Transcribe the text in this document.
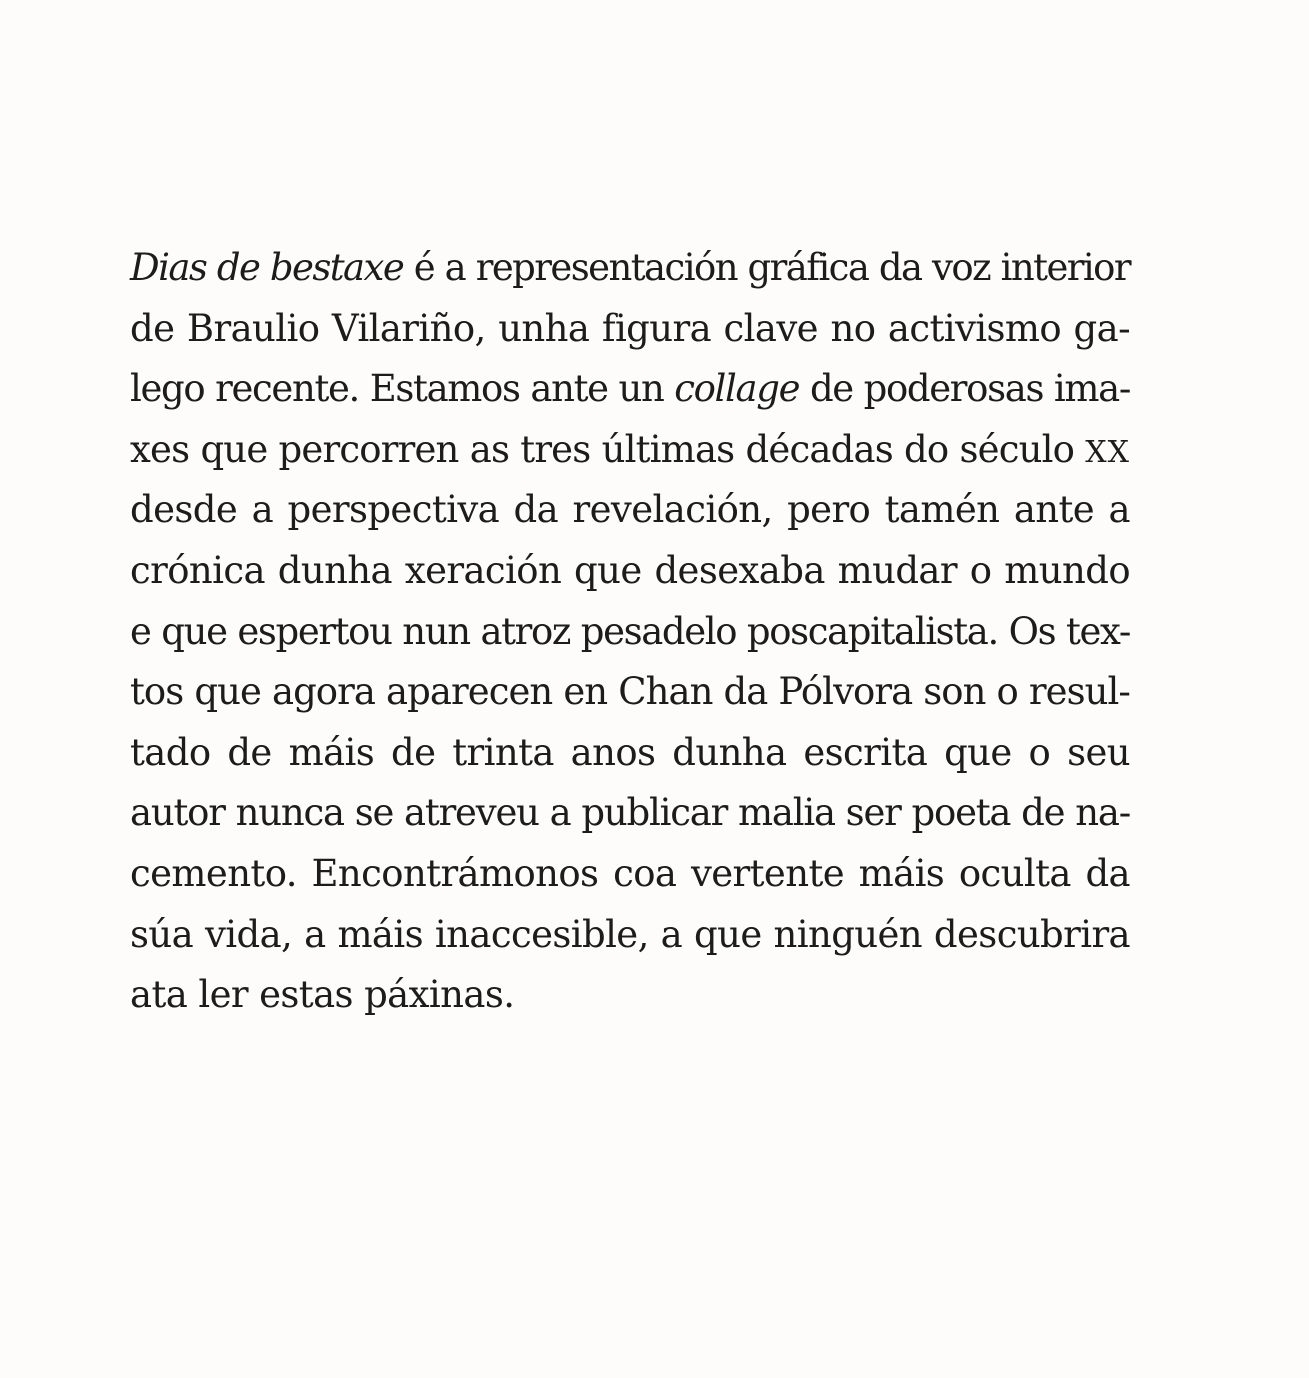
Dias de bestaxe é a representación gráfica da voz interior
de Braulio Vilariño, unha figura clave no activismo ga-
lego recente. Estamos ante un collage de poderosas ima-
xes que percorren as tres últimas décadas do século XX
desde a perspectiva da revelación, pero tamén ante a
crónica dunha xeración que desexaba mudar o mundo
e que espertou nun atroz pesadelo poscapitalista. Os tex-
tos que agora aparecen en Chan da Pólvora son o resul-
tado de máis de trinta anos dunha escrita que o seu
autor nunca se atreveu a publicar malia ser poeta de na-
cemento. Encontrámonos coa vertente máis oculta da
súa vida, a máis inaccesible, a que ninguén descubrira
ata ler estas páxinas.
